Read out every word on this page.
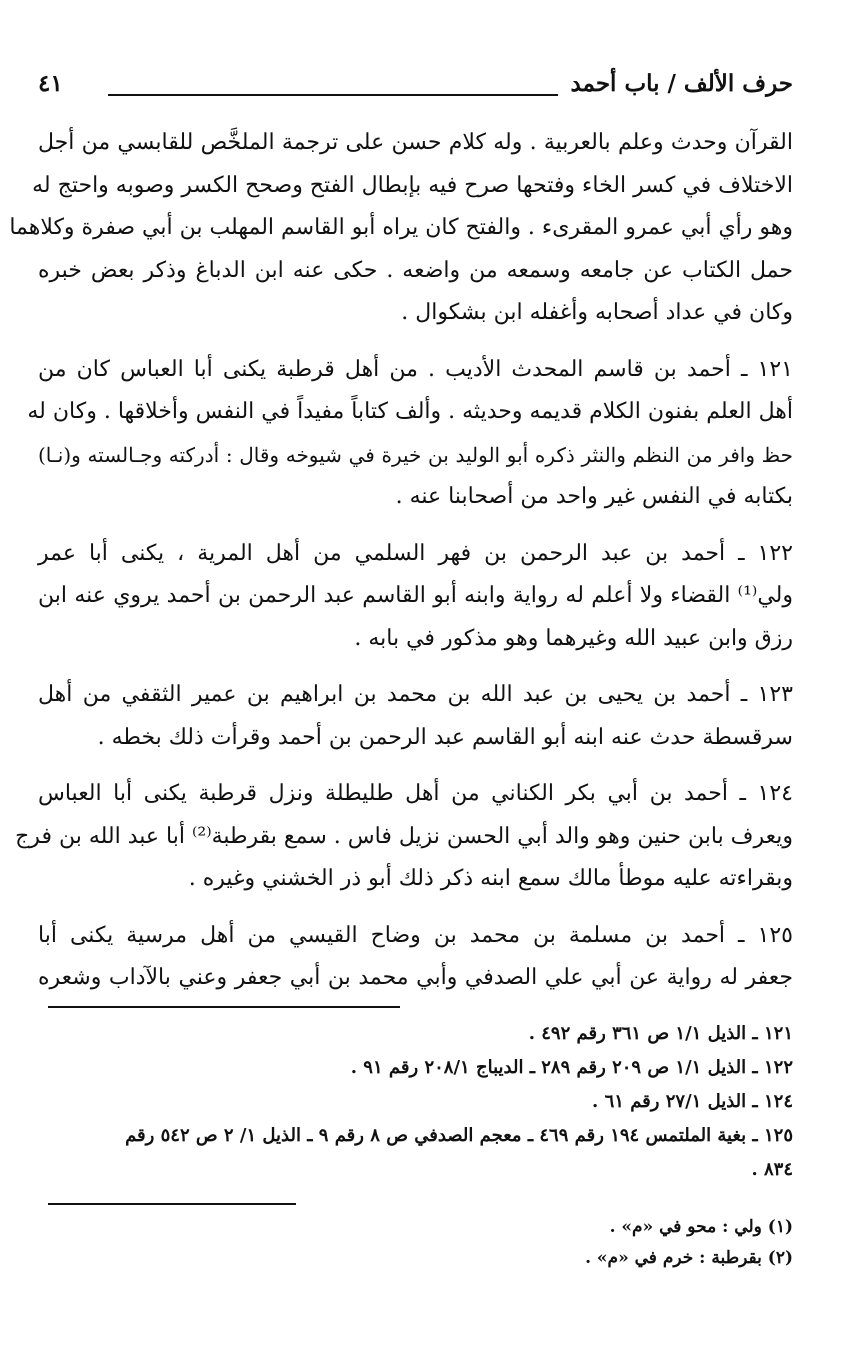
حرف الألف / باب أحمد
٤١

القرآن وحدث وعلم بالعربية . وله كلام حسن على ترجمة الملخَّص للقابسي من أجل
الاختلاف في كسر الخاء وفتحها صرح فيه بإبطال الفتح وصحح الكسر وصوبه واحتج له
وهو رأي أبي عمرو المقرىء . والفتح كان يراه أبو القاسم المهلب بن أبي صفرة وكلاهما
حمل الكتاب عن جامعه وسمعه من واضعه . حكى عنه ابن الدباغ وذكر بعض خبره
وكان في عداد أصحابه وأغفله ابن بشكوال .

١٢١ ـ أحمد بن قاسم المحدث الأديب . من أهل قرطبة يكنى أبا العباس كان من
أهل العلم بفنون الكلام قديمه وحديثه . وألف كتاباً مفيداً في النفس وأخلاقها . وكان له
حظ وافر من النظم والنثر ذكره أبو الوليد بن خيرة في شيوخه وقال : أدركته وجـالسته و(نـا)
بكتابه في النفس غير واحد من أصحابنا عنه .

١٢٢ ـ أحمد بن عبد الرحمن بن فهر السلمي من أهل المرية ، يكنى أبا عمر
ولي⁽¹⁾ القضاء ولا أعلم له رواية وابنه أبو القاسم عبد الرحمن بن أحمد يروي عنه ابن
رزق وابن عبيد الله وغيرهما وهو مذكور في بابه .

١٢٣ ـ أحمد بن يحيى بن عبد الله بن محمد بن ابراهيم بن عمير الثقفي من أهل
سرقسطة حدث عنه ابنه أبو القاسم عبد الرحمن بن أحمد وقرأت ذلك بخطه .

١٢٤ ـ أحمد بن أبي بكر الكناني من أهل طليطلة ونزل قرطبة يكنى أبا العباس
ويعرف بابن حنين وهو والد أبي الحسن نزيل فاس . سمع بقرطبة⁽²⁾ أبا عبد الله بن فرج
وبقراءته عليه موطأ مالك سمع ابنه ذكر ذلك أبو ذر الخشني وغيره .

١٢٥ ـ أحمد بن مسلمة بن محمد بن وضاح القيسي من أهل مرسية يكنى أبا
جعفر له رواية عن أبي علي الصدفي وأبي محمد بن أبي جعفر وعني بالآداب وشعره

١٢١ ـ الذيل ١/١ ص ٣٦١ رقم ٤٩٢ .
١٢٢ ـ الذيل ١/١ ص ٢٠٩ رقم ٢٨٩ ـ الديباج ٢٠٨/١ رقم ٩١ .
١٢٤ ـ الذيل ٢٧/١ رقم ٦١ .
١٢٥ ـ بغية الملتمس ١٩٤ رقم ٤٦٩ ـ معجم الصدفي ص ٨ رقم ٩ ـ الذيل ١/ ٢ ص ٥٤٢ رقم
٨٣٤ .
(١) ولي : محو في «م» .
(٢) بقرطبة : خرم في «م» .
